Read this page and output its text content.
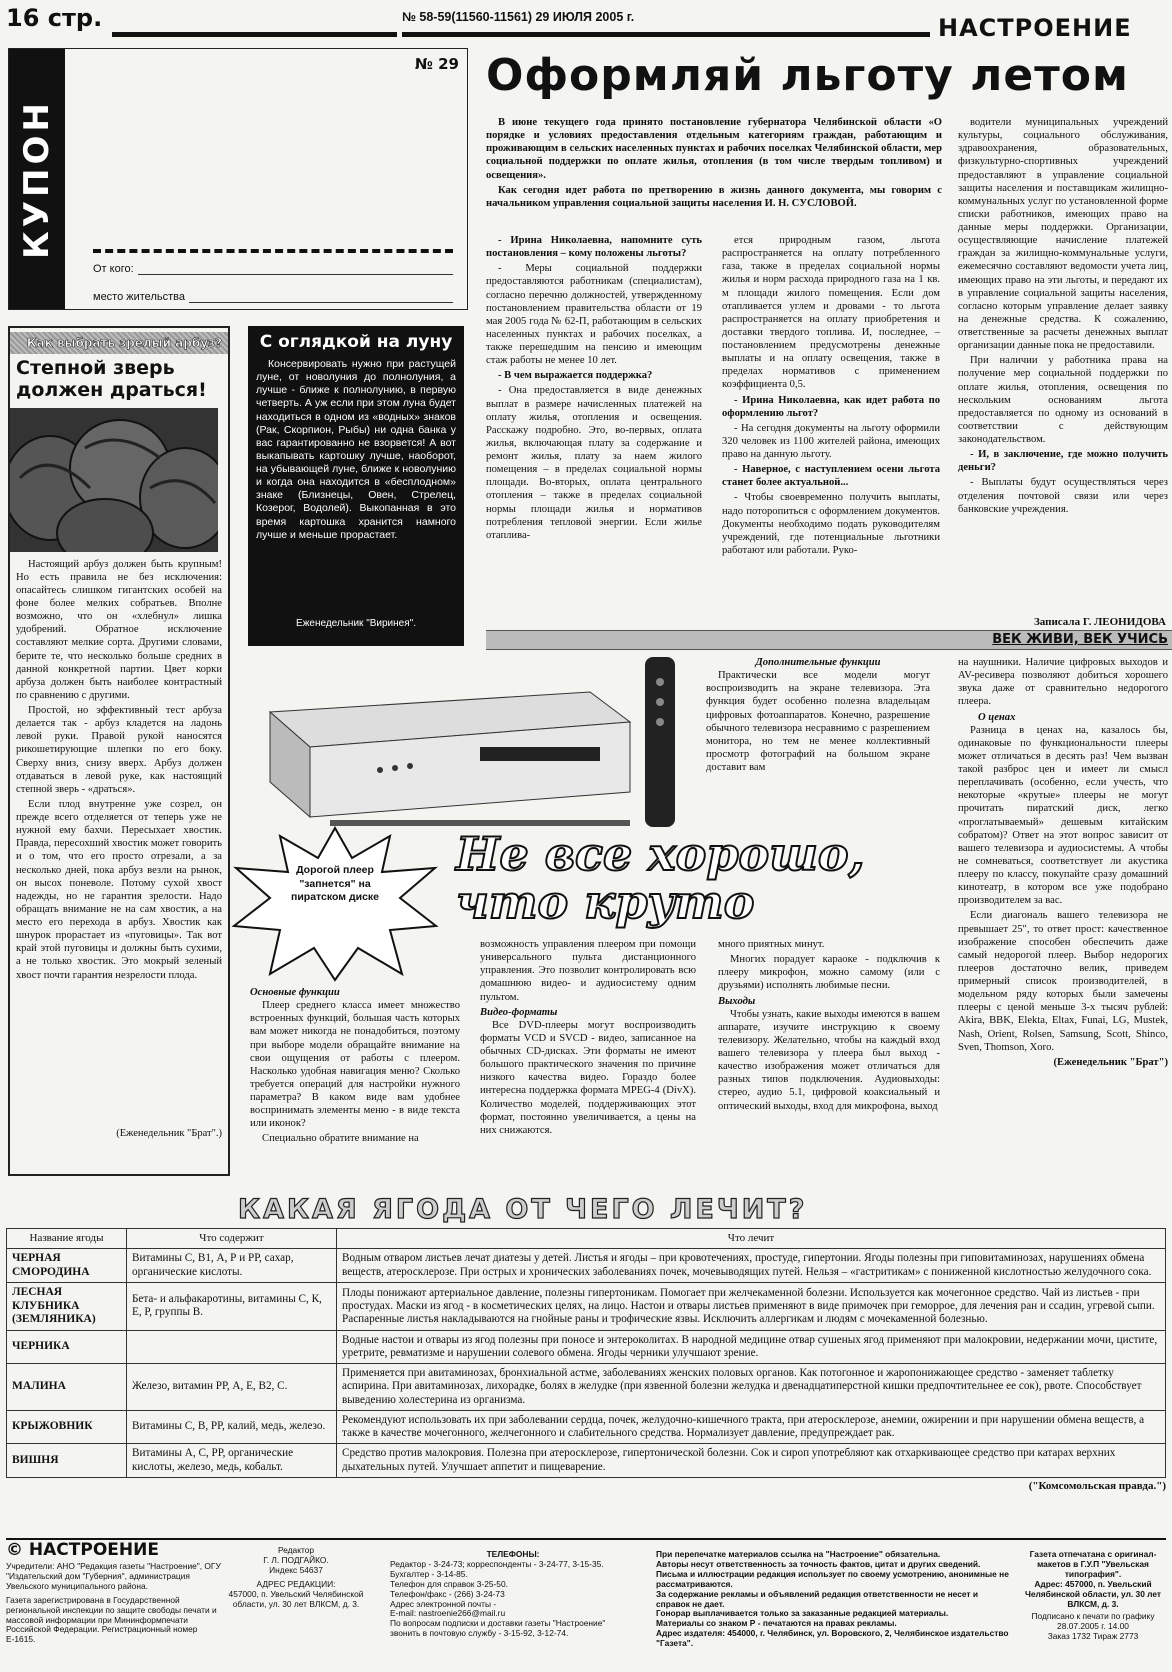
16 стр.	№ 58-59(11560-11561) 29 ИЮЛЯ 2005 г.	НАСТРОЕНИЕ
КУПОН
№ 29
От кого:
место жительства
Оформляй льготу летом

В июне текущего года принято постановление губернатора Челябинской области «О порядке и условиях предоставления отдельным категориям граждан, работающим и проживающим в сельских населенных пунктах и рабочих поселках Челябинской области, мер социальной поддержки по оплате жилья, отопления (в том числе твердым топливом) и освещения».

Как сегодня идет работа по претворению в жизнь данного документа, мы говорим с начальником управления социальной защиты населения И. Н. СУСЛОВОЙ.

- Ирина Николаевна, напомните суть постановления – кому положены льготы?

- Меры социальной поддержки предоставляются работникам (специалистам), согласно перечню должностей, утвержденному постановлением правительства области от 19 мая 2005 года № 62-П, работающим в сельских населенных пунктах и рабочих поселках, а также перешедшим на пенсию и имеющим стаж работы не менее 10 лет.

- В чем выражается поддержка?

- Она предоставляется в виде денежных выплат в размере начисленных платежей на оплату жилья, отопления и освещения. Расскажу подробно. Это, во-первых, оплата жилья, включающая плату за содержание и ремонт жилья, плату за наем жилого помещения – в пределах социальной нормы площади. Во-вторых, оплата центрального отопления – также в пределах социальной нормы площади жилья и нормативов потребления тепловой энергии. Если жилье отаплива-

ется природным газом, льгота распространяется на оплату потребленного газа, также в пределах социальной нормы жилья и норм расхода природного газа на 1 кв. м площади жилого помещения. Если дом отапливается углем и дровами - то льгота распространяется на оплату приобретения и доставки твердого топлива. И, последнее, – постановлением предусмотрены денежные выплаты и на оплату освещения, также в пределах нормативов с применением коэффициента 0,5.

- Ирина Николаевна, как идет работа по оформлению льгот?

- На сегодня документы на льготу оформили 320 человек из 1100 жителей района, имеющих право на данную льготу.

- Наверное, с наступлением осени льгота станет более актуальной...

- Чтобы своевременно получить выплаты, надо поторопиться с оформлением документов. Документы необходимо подать руководителям учреждений, где потенциальные льготники работают или работали. Руко-

водители муниципальных учреждений культуры, социального обслуживания, здравоохранения, образовательных, физкультурно-спортивных учреждений предоставляют в управление социальной защиты населения и поставщикам жилищно-коммунальных услуг по установленной форме списки работников, имеющих право на данные меры поддержки. Организации, осуществляющие начисление платежей граждан за жилищно-коммунальные услуги, ежемесячно составляют ведомости учета лиц, имеющих право на эти льготы, и передают их в управление социальной защиты населения, согласно которым управление делает заявку на денежные средства. К сожалению, ответственные за расчеты денежных выплат организации данные пока не предоставили.

При наличии у работника права на получение мер социальной поддержки по оплате жилья, отопления, освещения по нескольким основаниям льгота предоставляется по одному из оснований в соответствии с действующим законодательством.

- И, в заключение, где можно получить деньги?

- Выплаты будут осуществляться через отделения почтовой связи или через банковские учреждения.

Записала Г. ЛЕОНИДОВА
С оглядкой на луну
Консервировать нужно при растущей луне, от новолуния до полнолуния, а лучше - ближе к полнолунию, в первую четверть. А уж если при этом луна будет находиться в одном из «водных» знаков (Рак, Скорпион, Рыбы) ни одна банка у вас гарантированно не взорвется! А вот выкапывать картошку лучше, наоборот, на убывающей луне, ближе к новолунию и когда она находится в «бесплодном» знаке (Близнецы, Овен, Стрелец, Козерог, Водолей). Выкопанная в это время картошка хранится намного лучше и меньше прорастает.
Еженедельник "Виринея".
Как выбрать зрелый арбуз?
Степной зверь должен драться!

Настоящий арбуз должен быть крупным! Но есть правила не без исключения: опасайтесь слишком гигантских особей на фоне более мелких собратьев. Вполне возможно, что он «хлебнул» лишка удобрений. Обратное исключение составляют мелкие сорта. Другими словами, берите те, что несколько больше средних в данной конкретной партии. Цвет корки арбуза должен быть наиболее контрастный по сравнению с другими.

Простой, но эффективный тест арбуза делается так - арбуз кладется на ладонь левой руки. Правой рукой наносятся рикошетирующие шлепки по его боку. Сверху вниз, снизу вверх. Арбуз должен отдаваться в левой руке, как настоящий степной зверь - «драться».

Если плод внутренне уже созрел, он прежде всего отделяется от теперь уже не нужной ему бахчи. Пересыхает хвостик. Правда, пересохший хвостик может говорить и о том, что его просто отрезали, а за несколько дней, пока арбуз везли на рынок, он высох поневоле. Потому сухой хвост надежды, но не гарантия зрелости. Надо обращать внимание не на сам хвостик, а на место его перехода в арбуз. Хвостик как шнурок прорастает из «пуговицы». Так вот край этой пуговицы и должны быть сухими, а не только хвостик. Это мокрый зеленый хвост почти гарантия незрелости плода.

(Еженедельник "Брат".)
ВЕК ЖИВИ, ВЕК УЧИСЬ
Не все хорошо,
что круто
Дорогой плеер "запнется" на пиратском диске
Дополнительные функции

Практически все модели могут воспроизводить на экране телевизора. Эта функция будет особенно полезна владельцам цифровых фотоаппаратов. Конечно, разрешение обычного телевизора несравнимо с разрешением монитора, но тем не менее коллективный просмотр фотографий на большом экране доставит вам

на наушники. Наличие цифровых выходов и AV-ресивера позволяют добиться хорошего звука даже от сравнительно недорогого плеера.

О ценах

Разница в ценах на, казалось бы, одинаковые по функциональности плееры может отличаться в десять раз! Чем вызван такой разброс цен и имеет ли смысл переплачивать (особенно, если учесть, что некоторые «крутые» плееры не могут прочитать пиратский диск, легко «проглатываемый» дешевым китайским собратом)? Ответ на этот вопрос зависит от вашего телевизора и аудиосистемы. А чтобы не сомневаться, соответствует ли акустика плееру по классу, покупайте сразу домашний кинотеатр, в котором все уже подобрано производителем за вас.

Если диагональ вашего телевизора не превышает 25", то ответ прост: качественное изображение способен обеспечить даже самый недорогой плеер. Выбор недорогих плееров достаточно велик, приведем примерный список производителей, в модельном ряду которых были замечены плееры с ценой меньше 3-х тысяч рублей: Akira, BBK, Elekta, Eltax, Funai, LG, Mustek, Nash, Orient, Rolsen, Samsung, Scott, Shinco, Sven, Thomson, Xoro.

(Еженедельник "Брат")
Основные функции

Плеер среднего класса имеет множество встроенных функций, большая часть которых вам может никогда не понадобиться, поэтому при выборе модели обращайте внимание на свои ощущения от работы с плеером. Насколько удобная навигация меню? Сколько требуется операций для настройки нужного параметра? В каком виде вам удобнее воспринимать элементы меню - в виде текста или иконок?

Специально обратите внимание на

возможность управления плеером при помощи универсального пульта дистанционного управления. Это позволит контролировать всю домашнюю видео- и аудиосистему одним пультом.

Видео-форматы

Все DVD-плееры могут воспроизводить форматы VCD и SVCD - видео, записанное на обычных CD-дисках. Эти форматы не имеют большого практического значения по причине низкого качества видео. Гораздо более интересна поддержка формата MPEG-4 (DivX). Количество моделей, поддерживающих этот формат, постоянно увеличивается, а цены на них снижаются.

много приятных минут.

Многих порадует караоке - подключив к плееру микрофон, можно самому (или с друзьями) исполнять любимые песни.

Выходы

Чтобы узнать, какие выходы имеются в вашем аппарате, изучите инструкцию к своему телевизору. Желательно, чтобы на каждый вход вашего телевизора у плеера был выход - качество изображения может отличаться для разных типов подключения. Аудиовыходы: стерео, аудио 5.1, цифровой коаксиальный и оптический выходы, вход для микрофона, выход

КАКАЯ ЯГОДА ОТ ЧЕГО ЛЕЧИТ?
Название ягоды	Что содержит	Что лечит
ЧЕРНАЯ СМОРОДИНА	Витамины С, В1, А, Р и РР, сахар, органические кислоты.	Водным отваром листьев лечат диатезы у детей. Листья и ягоды – при кровотечениях, простуде, гипертонии. Ягоды полезны при гиповитаминозах, нарушениях обмена веществ, атеросклерозе. При острых и хронических заболеваниях почек, мочевыводящих путей. Нельзя – «гастритикам» с пониженной кислотностью желудочного сока.
ЛЕСНАЯ КЛУБНИКА (ЗЕМЛЯНИКА)	Бета- и альфакаротины, витамины С, К, Е, Р, группы В.	Плоды понижают артериальное давление, полезны гипертоникам. Помогает при желчекаменной болезни. Используется как мочегонное средство. Чай из листьев - при простудах. Маски из ягод - в косметических целях, на лицо. Настои и отвары листьев применяют в виде примочек при геморрое, для лечения ран и ссадин, угревой сыпи. Распаренные листья накладываются на гнойные раны и трофические язвы. Исключить аллергикам и людям с мочекаменной болезнью.
ЧЕРНИКА		Водные настои и отвары из ягод полезны при поносе и энтероколитах. В народной медицине отвар сушеных ягод применяют при малокровии, недержании мочи, цистите, уретрите, ревматизме и нарушении солевого обмена. Ягоды черники улучшают зрение.
МАЛИНА	Железо, витамин РР, А, Е, В2, С.	Применяется при авитаминозах, бронхиальной астме, заболеваниях женских половых органов. Как потогонное и жаропонижающее средство - заменяет таблетку аспирина. При авитаминозах, лихорадке, болях в желудке (при язвенной болезни желудка и двенадцатиперстной кишки предпочтительнее ее сок), рвоте. Способствует выведению холестерина из организма.
КРЫЖОВНИК	Витамины С, В, РР, калий, медь, железо.	Рекомендуют использовать их при заболевании сердца, почек, желудочно-кишечного тракта, при атеросклерозе, анемии, ожирении и при нарушении обмена веществ, а также в качестве мочегонного, желчегонного и слабительного средства. Нормализует давление, предупреждает рак.
ВИШНЯ	Витамины А, С, РР, органические кислоты, железо, медь, кобальт.	Средство против малокровия. Полезна при атеросклерозе, гипертонической болезни. Сок и сироп употребляют как отхаркивающее средство при катарах верхних дыхательных путей. Улучшает аппетит и пищеварение.
("Комсомольская правда.")
© НАСТРОЕНИЕ
Учредители: АНО "Редакция газеты "Настроение", ОГУ "Издательский дом "Губерния", администрация Увельского муниципального района.
Газета зарегистрирована в Государственной региональной инспекции по защите свободы печати и массовой информации при Мининформпечати Российской Федерации. Регистрационный номер Е-1615.
Редактор
Г. Л. ПОДГАЙКО.
Индекс 54637
АДРЕС РЕДАКЦИИ:
457000, п. Увельский Челябинской области, ул. 30 лет ВЛКСМ, д. 3.
ТЕЛЕФОНЫ:
Редактор - 3-24-73; корреспонденты - 3-24-77, 3-15-35.
Бухгалтер - 3-14-85.
Телефон для справок 3-25-50.
Телефон/факс - (266) 3-24-73
Адрес электронной почты -
E-mail: nastroenie266@mail.ru
По вопросам подписки и доставки газеты "Настроение"
звонить в почтовую службу - 3-15-92, 3-12-74.
При перепечатке материалов ссылка на "Настроение" обязательна.
Авторы несут ответственность за точность фактов, цитат и других сведений.
Письма и иллюстрации редакция использует по своему усмотрению, анонимные не рассматриваются.
За содержание рекламы и объявлений редакция ответственности не несет и справок не дает.
Гонорар выплачивается только за заказанные редакцией материалы.
Материалы со знаком Р - печатаются на правах рекламы.
Адрес издателя: 454000, г. Челябинск, ул. Воровского, 2, Челябинское издательство "Газета".
Газета отпечатана с оригинал-макетов в Г.У.П "Увельская типография".
Адрес: 457000, п. Увельский Челябинской области, ул. 30 лет ВЛКСМ, д. 3.
Подписано к печати по графику 28.07.2005 г. 14.00
Заказ 1732 Тираж 2773
